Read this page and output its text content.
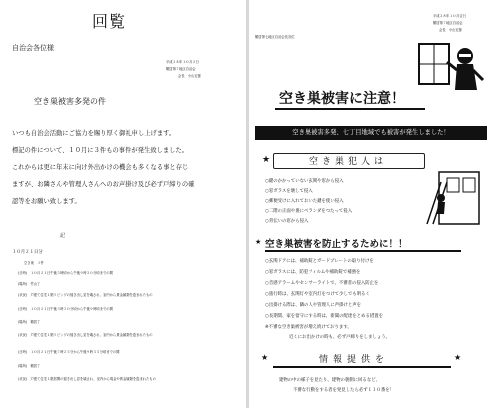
回覧
自治会各位様
平成２８年１０月２日
鶴居第７地区自治会
会長　小山宏郎
空き巣被害多発の件
いつも自治会活動にご協力を賜り厚く御礼申し上げます。
標記の件について、１０月に３件もの事件が発生致しました。
これからは更に年末に向け外出かけの機会も多くなる事と存じ
ますが、お隣さんや管理人さんへのお声掛け及び必ず戸締りの確
認等をお願い致します。
記
１０月２１日分
空き巣　３件
(日時)　１０月２１日午後５時頃から午後９時２０分頃までの間
(場所)　竹山丁
(状況)　戸建て住宅１階リビングの掃き出し窓を壊され、室内から貴金属類を盗まれたもの
(日時)　１０月２１日午後３時３０分頃から午後９時頃までの間
(場所)　鶴居丁
(状況)　戸建て住宅１階リビングの掃き出し窓を壊され、室内から貴金属類を盗まれたもの
(日時)　１０月２１日午後７時２５分から午後９時５５分頃までの間
(場所)　鶴居丁
(状況)　戸建て住宅１階居間の掃き出し窓を壊され、室内から現金や貴金属類を盗まれたもの
平成２８年１０月吉日
鶴居第７地区自治会
会長　小山宏郎
鶴居第七地区自治会長各位
空き巣被害に注意！
空き巣被害多発、七丁目地域でも被害が発生しました！
空き巣犯人は
★
○鍵のかかっていない玄関や窓から侵入
○窓ガラスを壊して侵入
○郵便受けに入れておいた鍵を使い侵入
○二階の正面や裏にベランダをつたって侵入
○背伝いの窓から侵入
空き巣被害を防止するために！！
★
○玄関ドアには、補助錠とガードプレートの取り付けを
○窓ガラスには、防犯フィルムや補助錠で補強を
○音感アラームやセンサーライトで、不審者の侵入防止を
○旅行時は、玄関灯や室内灯をつけて少しでも明るく
○出掛ける際は、隣の人や管理人に声掛けと声を
○長期間、家を留守にする時は、新聞の配達をとめる措置を
※不審な空き巣被害が増え続けております。
近くにお出かけの時も、必ず戸締りをしましょう。
★	情報提供を	★
建物の中の様子を見たり、建物の裏側に回るなど、
不審な行動をする者を発見したら必ず１１０番を！
